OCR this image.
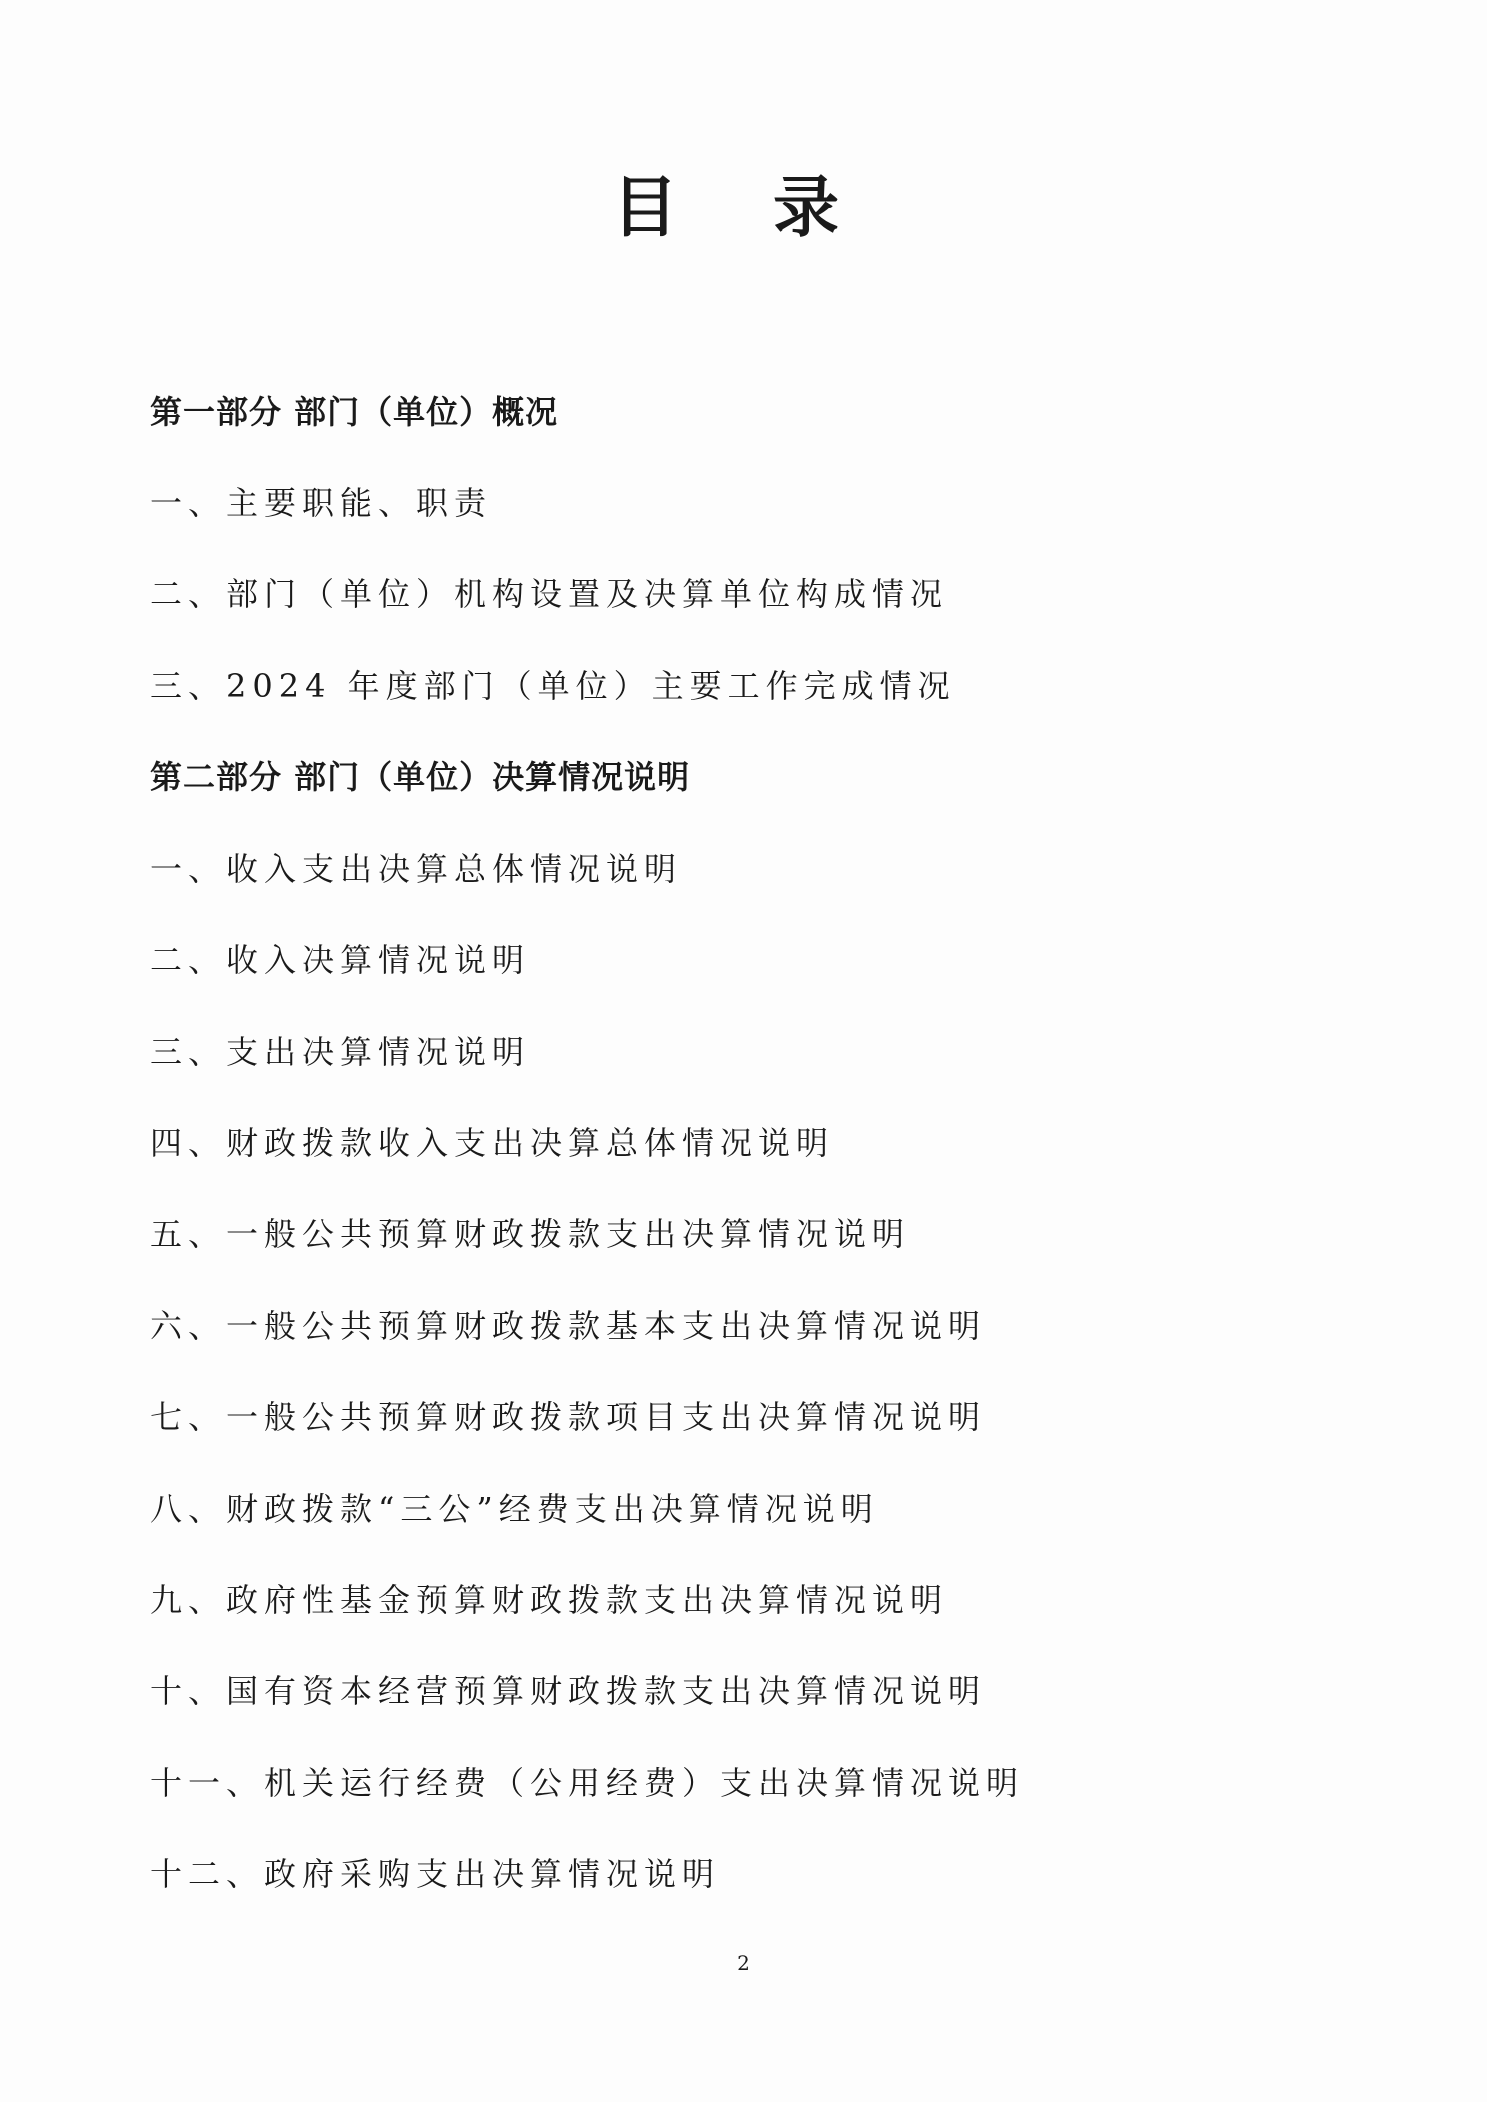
目 录
第一部分 部门（单位）概况
一、主要职能、职责
二、部门（单位）机构设置及决算单位构成情况
三、2024 年度部门（单位）主要工作完成情况
第二部分 部门（单位）决算情况说明
一、收入支出决算总体情况说明
二、收入决算情况说明
三、支出决算情况说明
四、财政拨款收入支出决算总体情况说明
五、一般公共预算财政拨款支出决算情况说明
六、一般公共预算财政拨款基本支出决算情况说明
七、一般公共预算财政拨款项目支出决算情况说明
八、财政拨款“三公”经费支出决算情况说明
九、政府性基金预算财政拨款支出决算情况说明
十、国有资本经营预算财政拨款支出决算情况说明
十一、机关运行经费（公用经费）支出决算情况说明
十二、政府采购支出决算情况说明
2
